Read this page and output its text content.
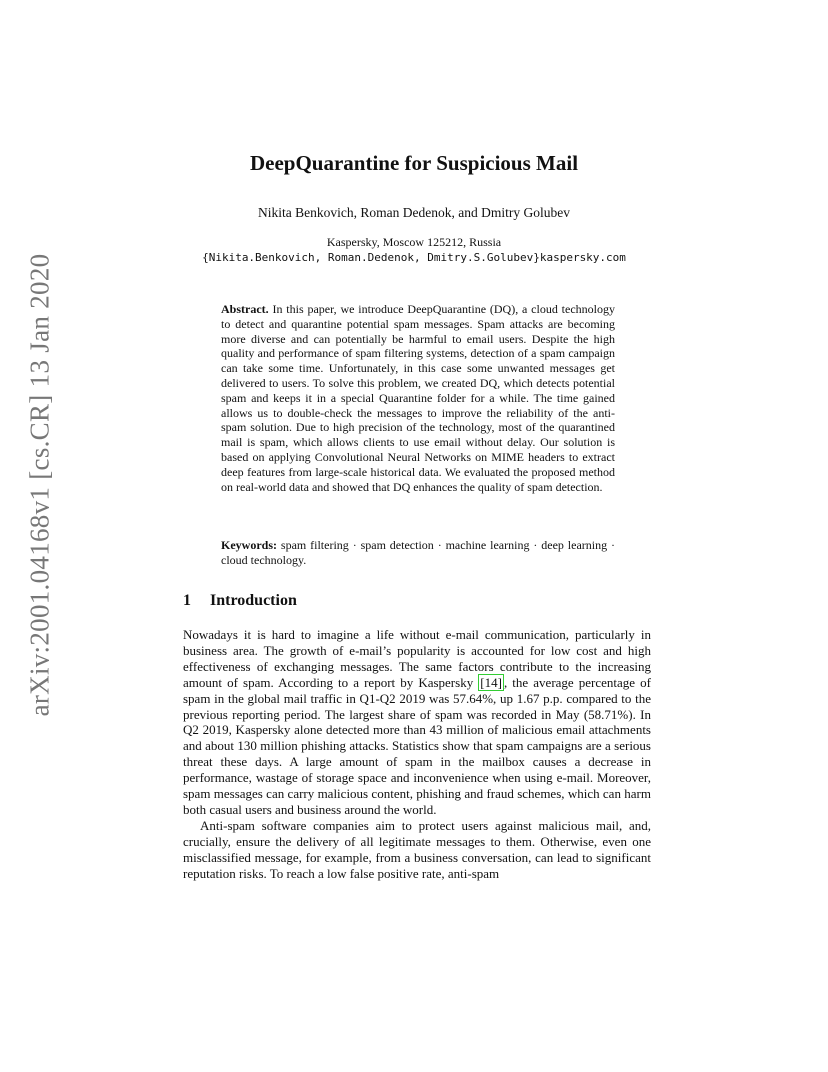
arXiv:2001.04168v1 [cs.CR] 13 Jan 2020
DeepQuarantine for Suspicious Mail
Nikita Benkovich, Roman Dedenok, and Dmitry Golubev
Kaspersky, Moscow 125212, Russia
{Nikita.Benkovich, Roman.Dedenok, Dmitry.S.Golubev}kaspersky.com
Abstract. In this paper, we introduce DeepQuarantine (DQ), a cloud technology to detect and quarantine potential spam messages. Spam attacks are becoming more diverse and can potentially be harmful to email users. Despite the high quality and performance of spam filtering systems, detection of a spam campaign can take some time. Unfortunately, in this case some unwanted messages get delivered to users. To solve this problem, we created DQ, which detects potential spam and keeps it in a special Quarantine folder for a while. The time gained allows us to double-check the messages to improve the reliability of the anti-spam solution. Due to high precision of the technology, most of the quarantined mail is spam, which allows clients to use email without delay. Our solution is based on applying Convolutional Neural Networks on MIME headers to extract deep features from large-scale historical data. We evaluated the proposed method on real-world data and showed that DQ enhances the quality of spam detection.
Keywords: spam filtering · spam detection · machine learning · deep learning · cloud technology.
1 Introduction

Nowadays it is hard to imagine a life without e-mail communication, particularly in business area. The growth of e-mail’s popularity is accounted for low cost and high effectiveness of exchanging messages. The same factors contribute to the increasing amount of spam. According to a report by Kaspersky [14] , the average percentage of spam in the global mail traffic in Q1-Q2 2019 was 57.64%, up 1.67 p.p. compared to the previous reporting period. The largest share of spam was recorded in May (58.71%). In Q2 2019, Kaspersky alone detected more than 43 million of malicious email attachments and about 130 million phishing attacks. Statistics show that spam campaigns are a serious threat these days. A large amount of spam in the mailbox causes a decrease in performance, wastage of storage space and inconvenience when using e-mail. Moreover, spam messages can carry malicious content, phishing and fraud schemes, which can harm both casual users and business around the world.

Anti-spam software companies aim to protect users against malicious mail, and, crucially, ensure the delivery of all legitimate messages to them. Otherwise, even one misclassified message, for example, from a business conversation, can lead to significant reputation risks. To reach a low false positive rate, anti-spam
